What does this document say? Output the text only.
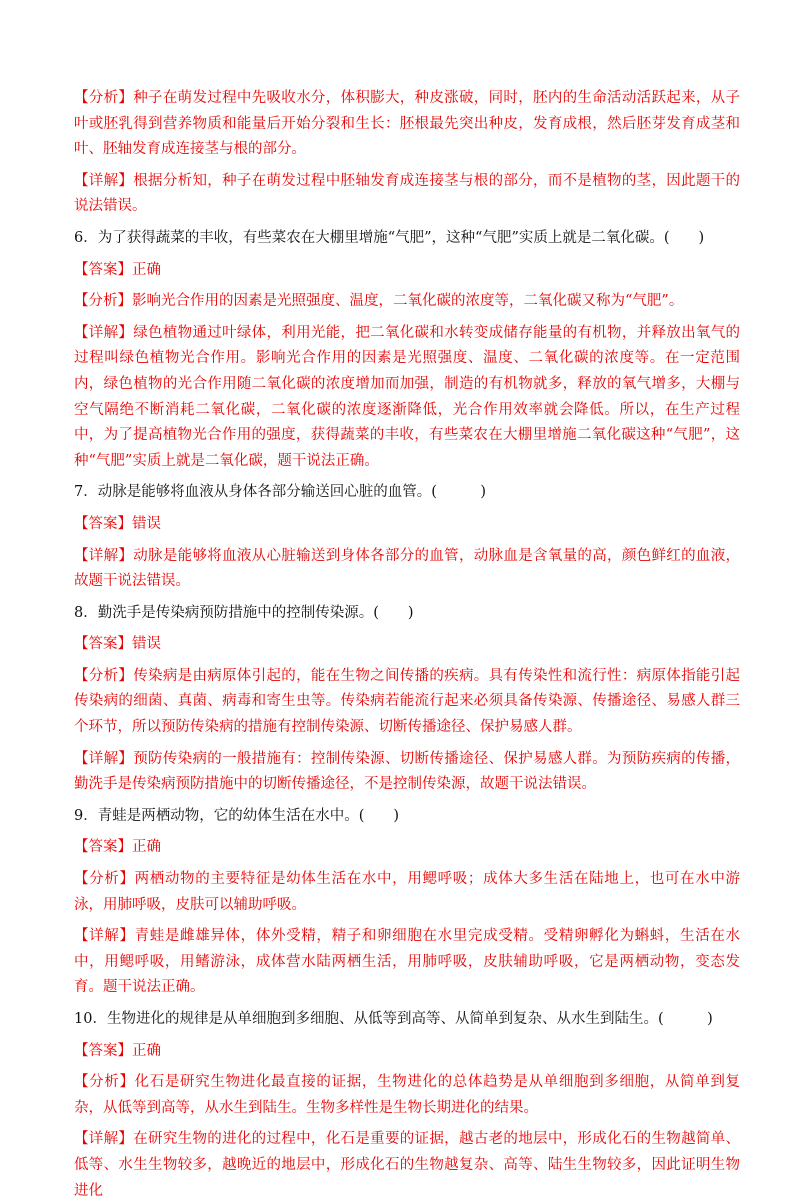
【分析】种子在萌发过程中先吸收水分，体积膨大，种皮涨破，同时，胚内的生命活动活跃起来，从子叶或胚乳得到营养物质和能量后开始分裂和生长：胚根最先突出种皮，发育成根，然后胚芽发育成茎和叶、胚轴发育成连接茎与根的部分。

【详解】根据分析知，种子在萌发过程中胚轴发育成连接茎与根的部分，而不是植物的茎，因此题干的说法错误。

6．为了获得蔬菜的丰收，有些菜农在大棚里增施“气肥”，这种“气肥”实质上就是二氧化碳。(　　)

【答案】正确

【分析】影响光合作用的因素是光照强度、温度，二氧化碳的浓度等，二氧化碳又称为“气肥”。

【详解】绿色植物通过叶绿体，利用光能，把二氧化碳和水转变成储存能量的有机物，并释放出氧气的过程叫绿色植物光合作用。影响光合作用的因素是光照强度、温度、二氧化碳的浓度等。在一定范围内，绿色植物的光合作用随二氧化碳的浓度增加而加强，制造的有机物就多，释放的氧气增多，大棚与空气隔绝不断消耗二氧化碳，二氧化碳的浓度逐渐降低，光合作用效率就会降低。所以，在生产过程中，为了提高植物光合作用的强度，获得蔬菜的丰收，有些菜农在大棚里增施二氧化碳这种“气肥”，这种“气肥”实质上就是二氧化碳，题干说法正确。

7．动脉是能够将血液从身体各部分输送回心脏的血管。(　　　)

【答案】错误

【详解】动脉是能够将血液从心脏输送到身体各部分的血管，动脉血是含氧量的高，颜色鲜红的血液，故题干说法错误。

8．勤洗手是传染病预防措施中的控制传染源。(　　)

【答案】错误

【分析】传染病是由病原体引起的，能在生物之间传播的疾病。具有传染性和流行性：病原体指能引起传染病的细菌、真菌、病毒和寄生虫等。传染病若能流行起来必须具备传染源、传播途径、易感人群三个环节，所以预防传染病的措施有控制传染源、切断传播途径、保护易感人群。

【详解】预防传染病的一般措施有：控制传染源、切断传播途径、保护易感人群。为预防疾病的传播，勤洗手是传染病预防措施中的切断传播途径，不是控制传染源，故题干说法错误。

9．青蛙是两栖动物，它的幼体生活在水中。(　　)

【答案】正确

【分析】两栖动物的主要特征是幼体生活在水中，用鳃呼吸；成体大多生活在陆地上，也可在水中游泳，用肺呼吸，皮肤可以辅助呼吸。

【详解】青蛙是雌雄异体，体外受精，精子和卵细胞在水里完成受精。受精卵孵化为蝌蚪，生活在水中，用鳃呼吸，用鳍游泳，成体营水陆两栖生活，用肺呼吸，皮肤辅助呼吸，它是两栖动物，变态发育。题干说法正确。

10．生物进化的规律是从单细胞到多细胞、从低等到高等、从简单到复杂、从水生到陆生。(　　　)

【答案】正确

【分析】化石是研究生物进化最直接的证据，生物进化的总体趋势是从单细胞到多细胞，从简单到复杂，从低等到高等，从水生到陆生。生物多样性是生物长期进化的结果。

【详解】在研究生物的进化的过程中，化石是重要的证据，越古老的地层中，形成化石的生物越简单、低等、水生生物较多，越晚近的地层中，形成化石的生物越复杂、高等、陆生生物较多，因此证明生物进化
